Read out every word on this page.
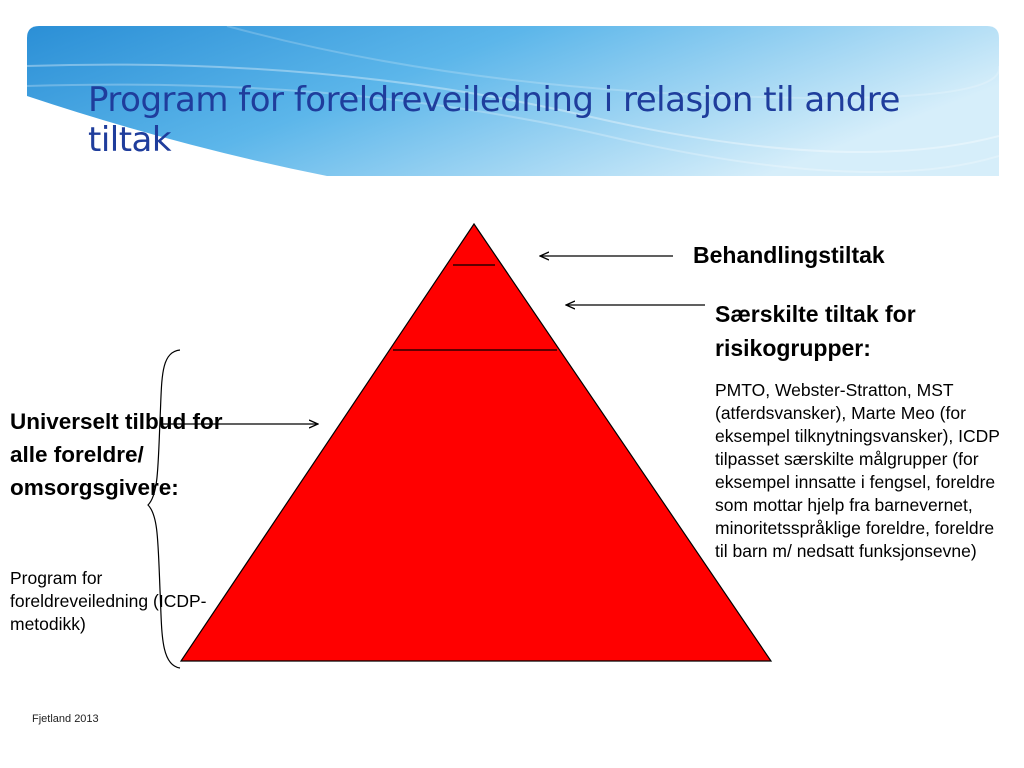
Program for foreldreveiledning i relasjon til andre tiltak
Behandlingstiltak
Særskilte tiltak for risikogrupper:
PMTO, Webster-Stratton, MST (atferdsvansker), Marte Meo (for eksempel tilknytningsvansker), ICDP tilpasset særskilte målgrupper (for eksempel innsatte i fengsel, foreldre som mottar hjelp fra barnevernet, minoritetsspråklige foreldre, foreldre til barn m/ nedsatt funksjonsevne)
Universelt tilbud for alle foreldre/ omsorgsgivere:
Program for foreldreveiledning (ICDP-metodikk)
Fjetland 2013
